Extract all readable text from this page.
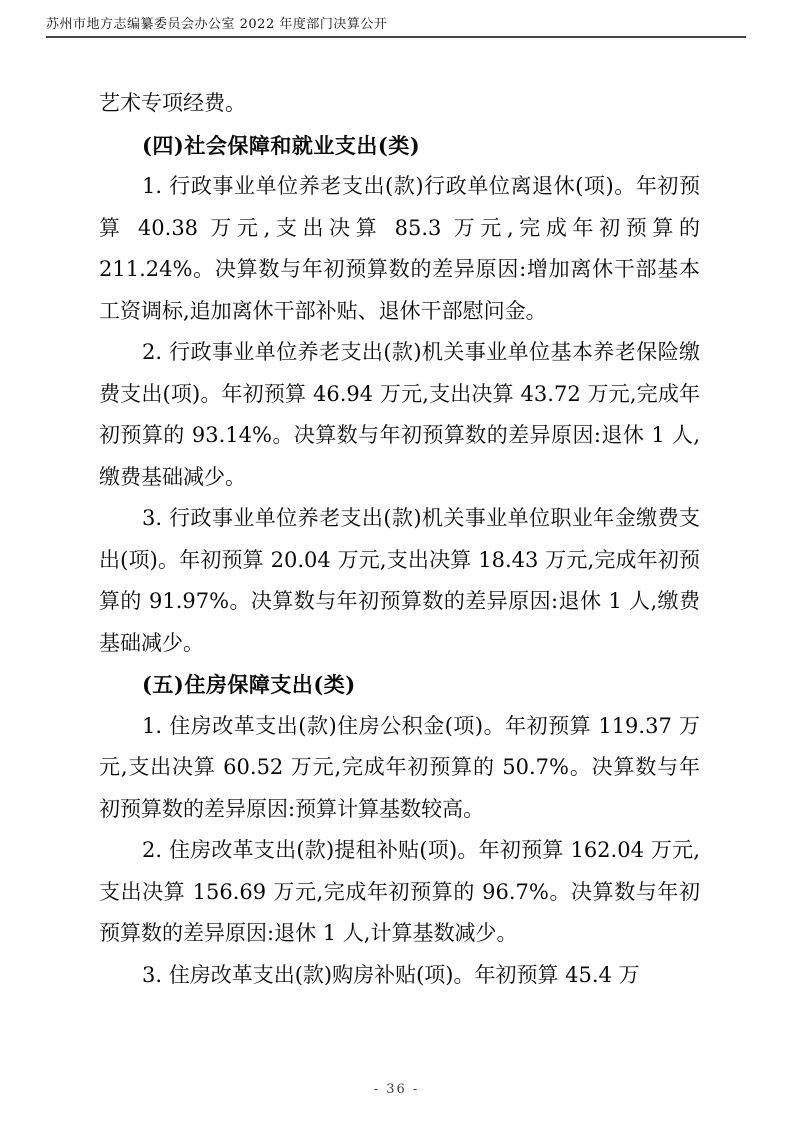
苏州市地方志编纂委员会办公室 2022 年度部门决算公开

艺术专项经费。

(四)社会保障和就业支出(类)

1. 行政事业单位养老支出(款)行政单位离退休(项)。年初预算 40.38 万元,支出决算 85.3 万元,完成年初预算的 211.24%。决算数与年初预算数的差异原因:增加离休干部基本工资调标,追加离休干部补贴、退休干部慰问金。

2. 行政事业单位养老支出(款)机关事业单位基本养老保险缴费支出(项)。年初预算 46.94 万元,支出决算 43.72 万元,完成年初预算的 93.14%。决算数与年初预算数的差异原因:退休 1 人,缴费基础减少。

3. 行政事业单位养老支出(款)机关事业单位职业年金缴费支出(项)。年初预算 20.04 万元,支出决算 18.43 万元,完成年初预算的 91.97%。决算数与年初预算数的差异原因:退休 1 人,缴费基础减少。

(五)住房保障支出(类)

1. 住房改革支出(款)住房公积金(项)。年初预算 119.37 万元,支出决算 60.52 万元,完成年初预算的 50.7%。决算数与年初预算数的差异原因:预算计算基数较高。

2. 住房改革支出(款)提租补贴(项)。年初预算 162.04 万元,支出决算 156.69 万元,完成年初预算的 96.7%。决算数与年初预算数的差异原因:退休 1 人,计算基数减少。

3. 住房改革支出(款)购房补贴(项)。年初预算 45.4 万

- 36 -
